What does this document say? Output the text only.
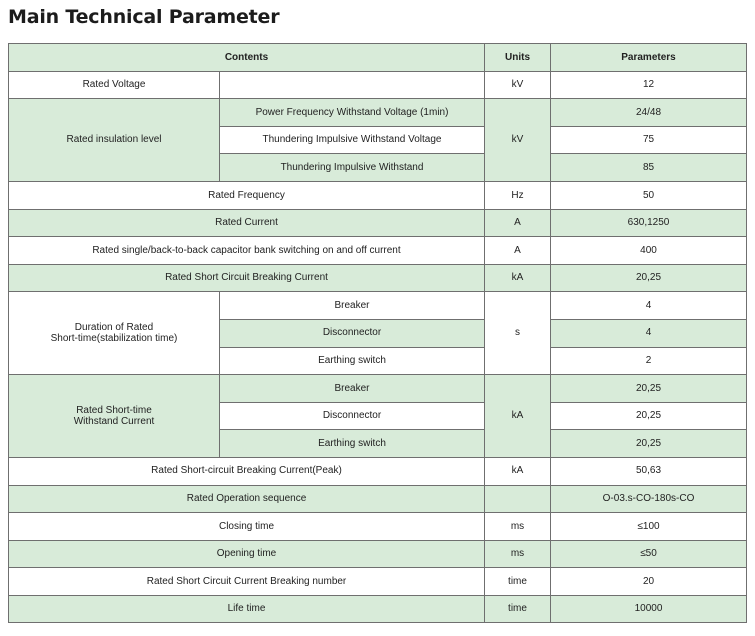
Main Technical Parameter
Contents		Units	Parameters
Rated Voltage		kV	12
Rated insulation level	Power Frequency Withstand Voltage (1min)	kV	24/48
	Thundering Impulsive Withstand Voltage		75
	Thundering Impulsive Withstand		85
Rated Frequency		Hz	50
Rated Current		A	630,1250
Rated single/back-to-back capacitor bank switching on and off current		A	400
Rated Short Circuit Breaking Current		kA	20,25
Duration of Rated
Short-time(stabilization time)	Breaker	s	4
	Disconnector		4
	Earthing switch		2
Rated Short-time
Withstand Current	Breaker	kA	20,25
	Disconnector		20,25
	Earthing switch		20,25
Rated Short-circuit Breaking Current(Peak)		kA	50,63
Rated Operation sequence			O-03.s-CO-180s-CO
Closing time		ms	≤100
Opening time		ms	≤50
Rated Short Circuit Current Breaking number		time	20
Life time		time	10000
